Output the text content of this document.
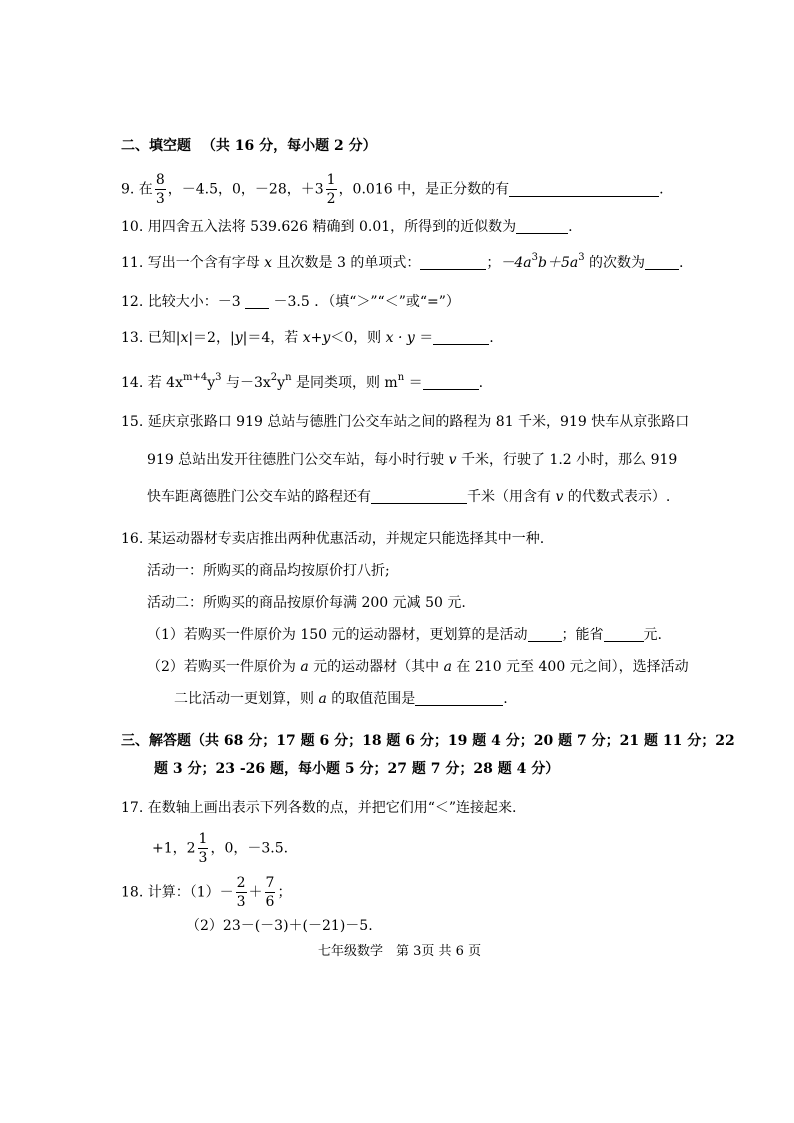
二、填空题 （共 16 分，每小题 2 分）
9. 在 $\frac{8}{3}$ ，－4.5，0，－28，$+3 \frac{1}{2}$ ，0.016 中，是正分数的有	.
10. 用四舍五入法将 539.626 精确到 0.01，所得到的近似数为	.
11. 写出一个含有字母 x 且次数是 3 的单项式：	；$-4a^3b+5a^3$ 的次数为 .
12. 比较大小：－3  －3.5 ．（填“＞”“＜”或“=”）
13. 已知|x|＝2，|y|＝4，若 x+y＜0，则 x · y ＝	.
14. 若 $4x^{m+4}y^3$ 与$-3x^2y^n$ 是同类项，则 $m^n$ ＝	.
15. 延庆京张路口 919 总站与德胜门公交车站之间的路程为 81 千米，919 快车从京张路口
919 总站出发开往德胜门公交车站，每小时行驶 v 千米，行驶了 1.2 小时，那么 919
快车距离德胜门公交车站的路程还有	千米（用含有 v 的代数式表示）.
16. 某运动器材专卖店推出两种优惠活动，并规定只能选择其中一种.
活动一：所购买的商品均按原价打八折;
活动二：所购买的商品按原价每满 200 元减 50 元.
（1）若购买一件原价为 150 元的运动器材，更划算的是活动 ；能省	元.
（2）若购买一件原价为 a 元的运动器材（其中 a 在 210 元至 400 元之间），选择活动
二比活动一更划算，则 a 的取值范围是	.
三、解答题（共 68 分；17 题 6 分；18 题 6 分；19 题 4 分；20 题 7 分；21 题 11 分；22
题 3 分；23 -26 题，每小题 5 分；27 题 7 分；28 题 4 分）
17. 在数轴上画出表示下列各数的点，并把它们用“＜”连接起来.
+1，$2 \frac{1}{3}$ ，0，－3.5.
18. 计算：$(1)- \frac{2}{3} + \frac{7}{6}$ ；
（2）23－(－3)＋(－21)－5.
七年级数学　第 3页 共 6 页
